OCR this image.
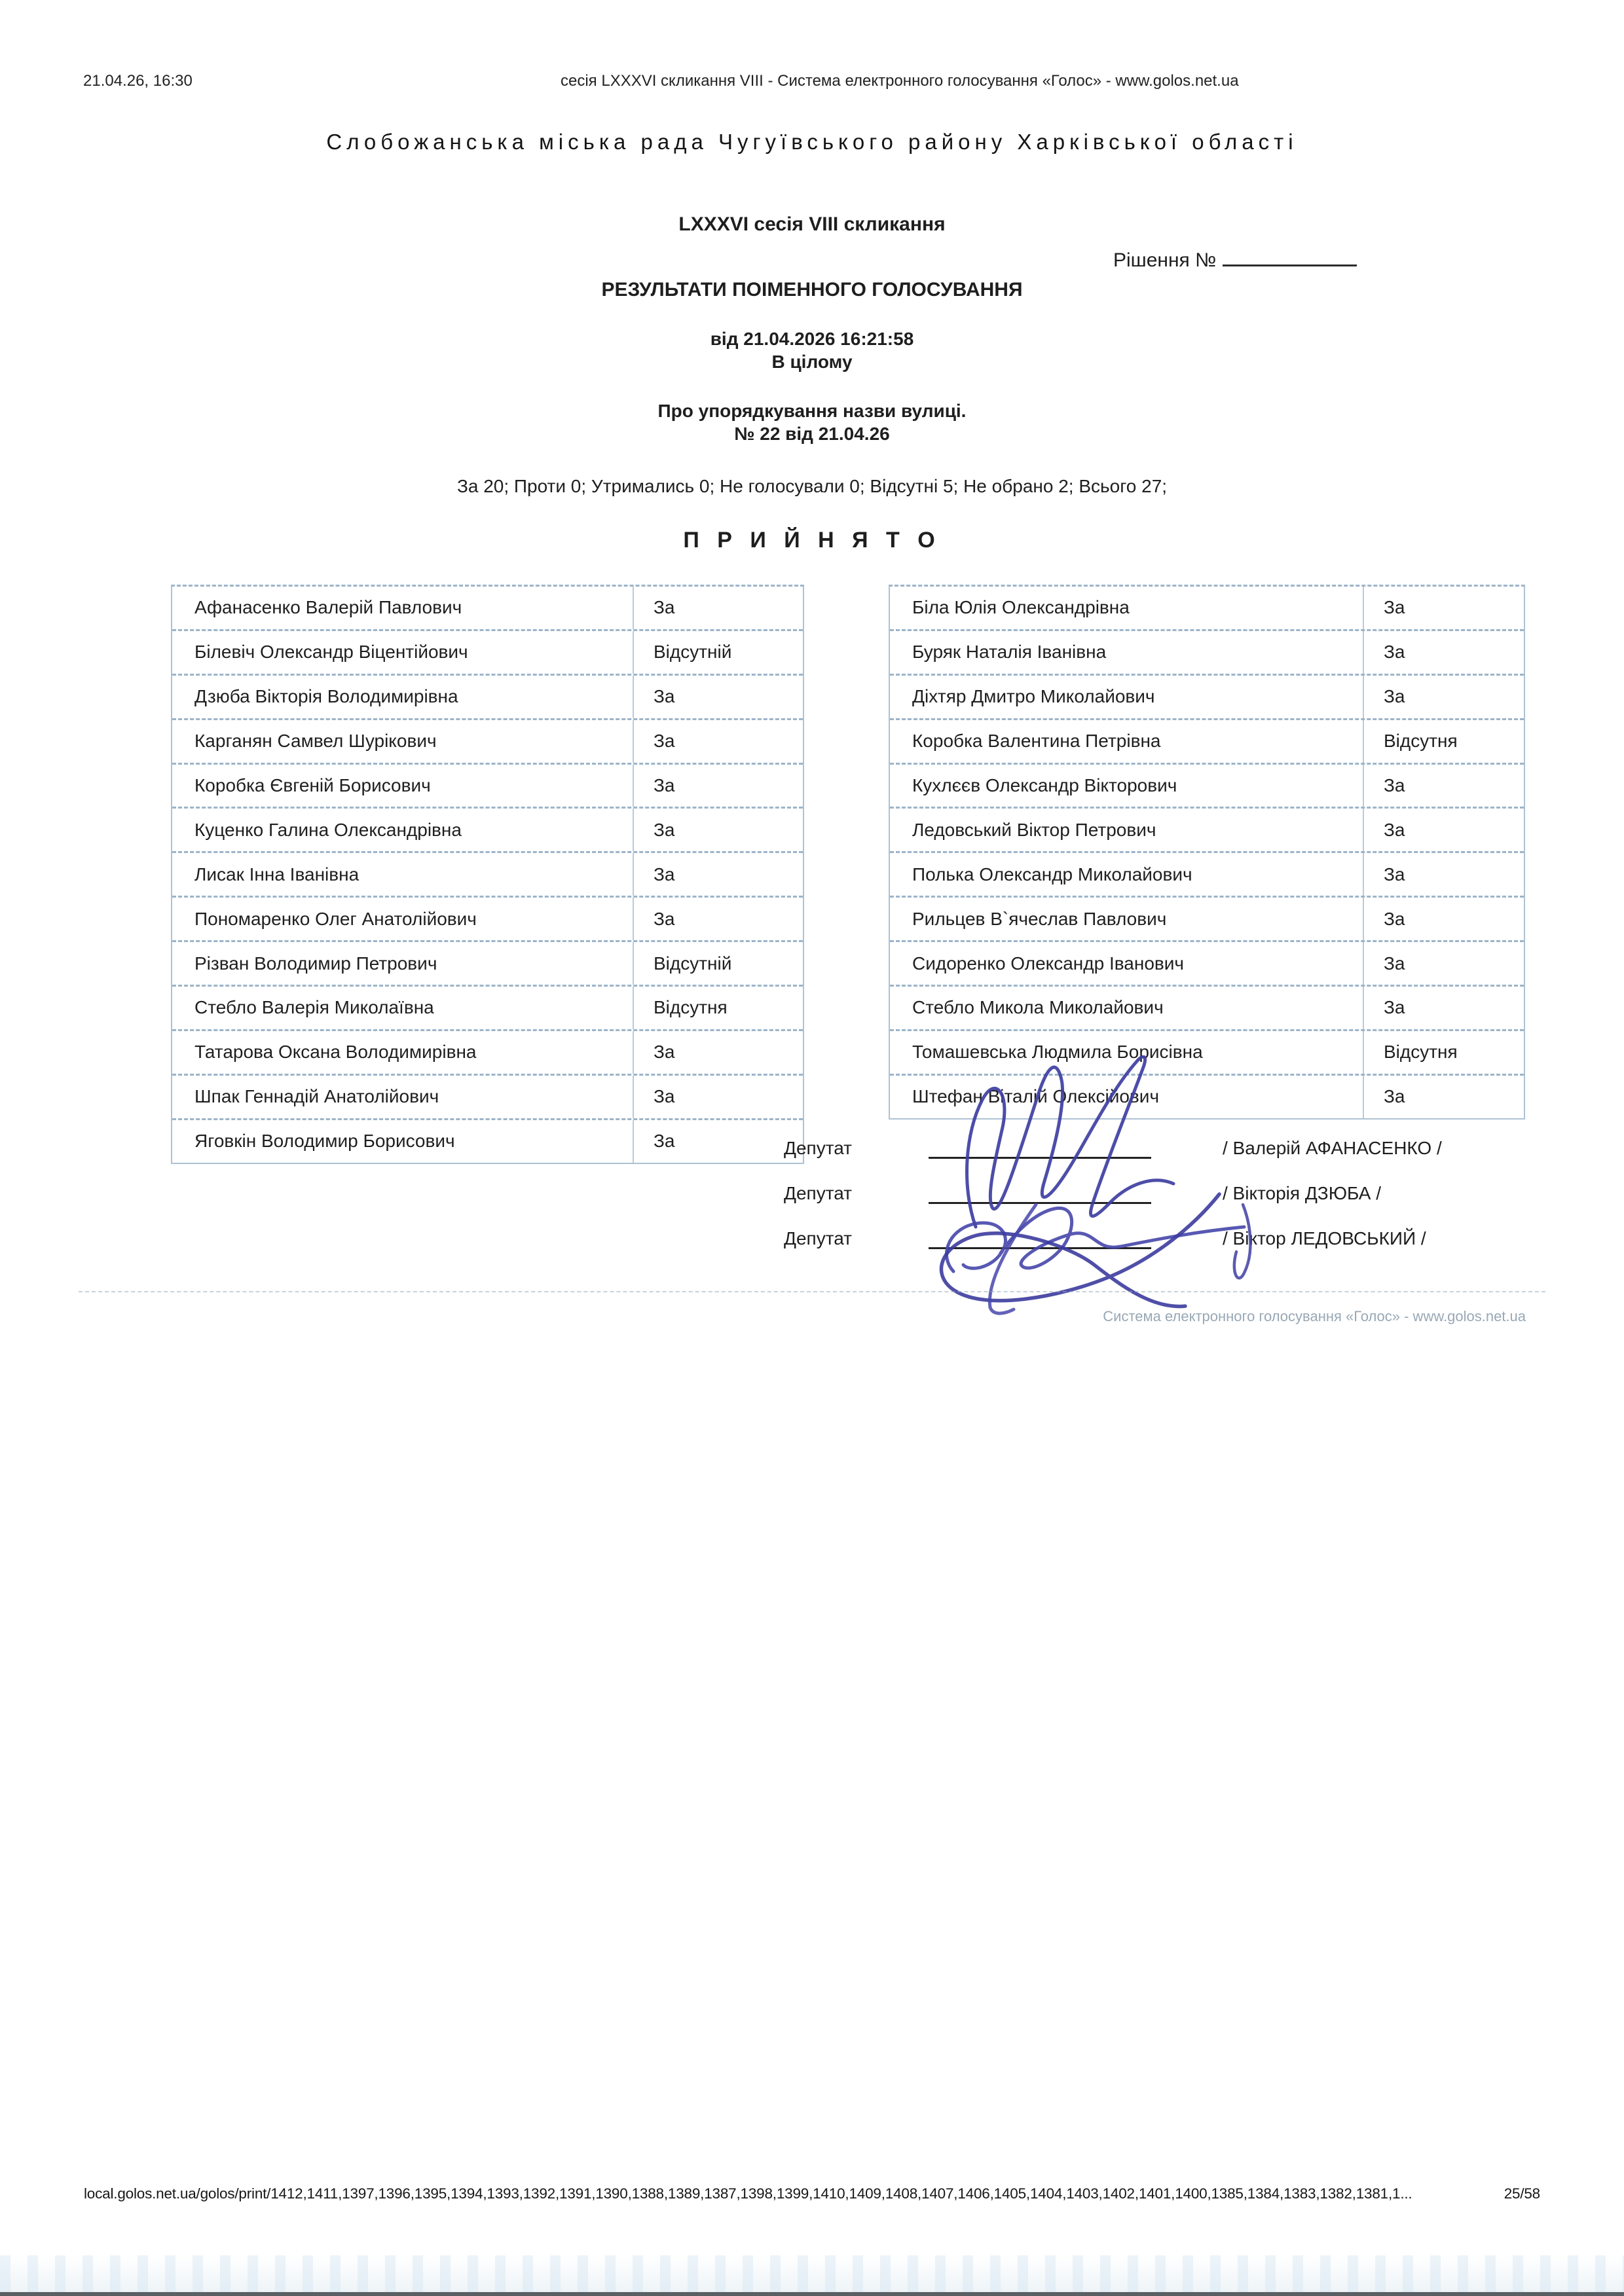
21.04.26, 16:30	сесія LXXXVI скликання VIII - Система електронного голосування «Голос» - www.golos.net.ua
Слобожанська міська рада Чугуївського району Харківської області
LXXXVI сесія VIII скликання
Рішення №
РЕЗУЛЬТАТИ ПОІМЕННОГО ГОЛОСУВАННЯ
від 21.04.2026 16:21:58
В цілому
Про упорядкування назви вулиці.
№ 22 від 21.04.26
За 20; Проти 0; Утримались 0; Не голосували 0; Відсутні 5; Не обрано 2; Всього 27;
П Р И Й Н Я Т О
Афанасенко Валерій Павлович	За
Білевіч Олександр Віцентійович	Відсутній
Дзюба Вікторія Володимирівна	За
Карганян Самвел Шурікович	За
Коробка Євгеній Борисович	За
Куценко Галина Олександрівна	За
Лисак Інна Іванівна	За
Пономаренко Олег Анатолійович	За
Різван Володимир Петрович	Відсутній
Стебло Валерія Миколаївна	Відсутня
Татарова Оксана Володимирівна	За
Шпак Геннадій Анатолійович	За
Яговкін Володимир Борисович	За
Біла Юлія Олександрівна	За
Буряк Наталія Іванівна	За
Діхтяр Дмитро Миколайович	За
Коробка Валентина Петрівна	Відсутня
Кухлєєв Олександр Вікторович	За
Ледовський Віктор Петрович	За
Полька Олександр Миколайович	За
Рильцев В`ячеслав Павлович	За
Сидоренко Олександр Іванович	За
Стебло Микола Миколайович	За
Томашевська Людмила Борисівна	Відсутня
Штефан Віталій Олексійович	За
Депутат	/ Валерій АФАНАСЕНКО /
Депутат	/ Вікторія ДЗЮБА /
Депутат	/ Віктор ЛЕДОВСЬКИЙ /
Система електронного голосування «Голос» - www.golos.net.ua
local.golos.net.ua/golos/print/1412,1411,1397,1396,1395,1394,1393,1392,1391,1390,1388,1389,1387,1398,1399,1410,1409,1408,1407,1406,1405,1404,1403,1402,1401,1400,1385,1384,1383,1382,1381,1...	25/58
